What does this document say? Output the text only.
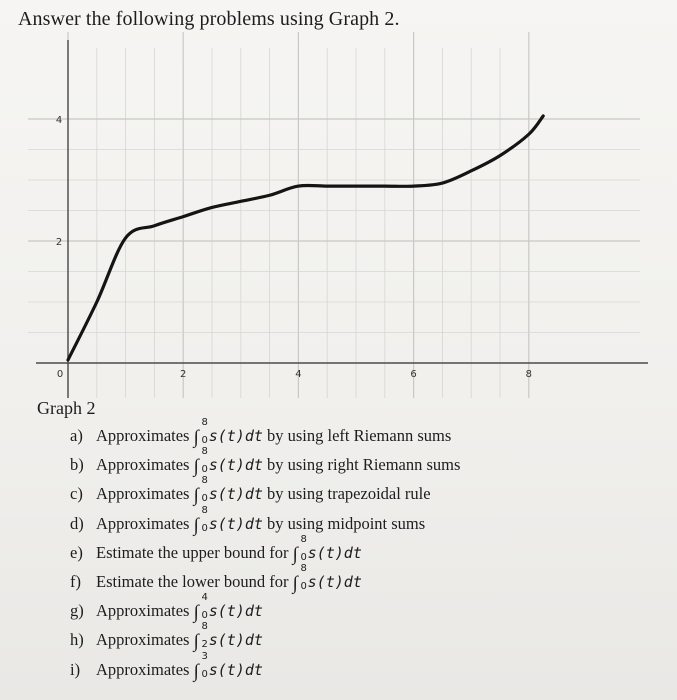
Answer the following problems using Graph 2.
0	2	4	6	8
2
4
Graph 2
a) Approximates ∫
8
0 s(t)dt by using left Riemann sums
b) Approximates ∫
8
0 s(t)dt by using right Riemann sums
c) Approximates ∫
8
0 s(t)dt by using trapezoidal rule
d) Approximates ∫
8
0 s(t)dt by using midpoint sums
e) Estimate the upper bound for ∫
8
0 s(t)dt
f) Estimate the lower bound for ∫
8
0 s(t)dt
g) Approximates ∫
4
0 s(t)dt
h) Approximates ∫
8
2 s(t)dt
i) Approximates ∫
3
0 s(t)dt
